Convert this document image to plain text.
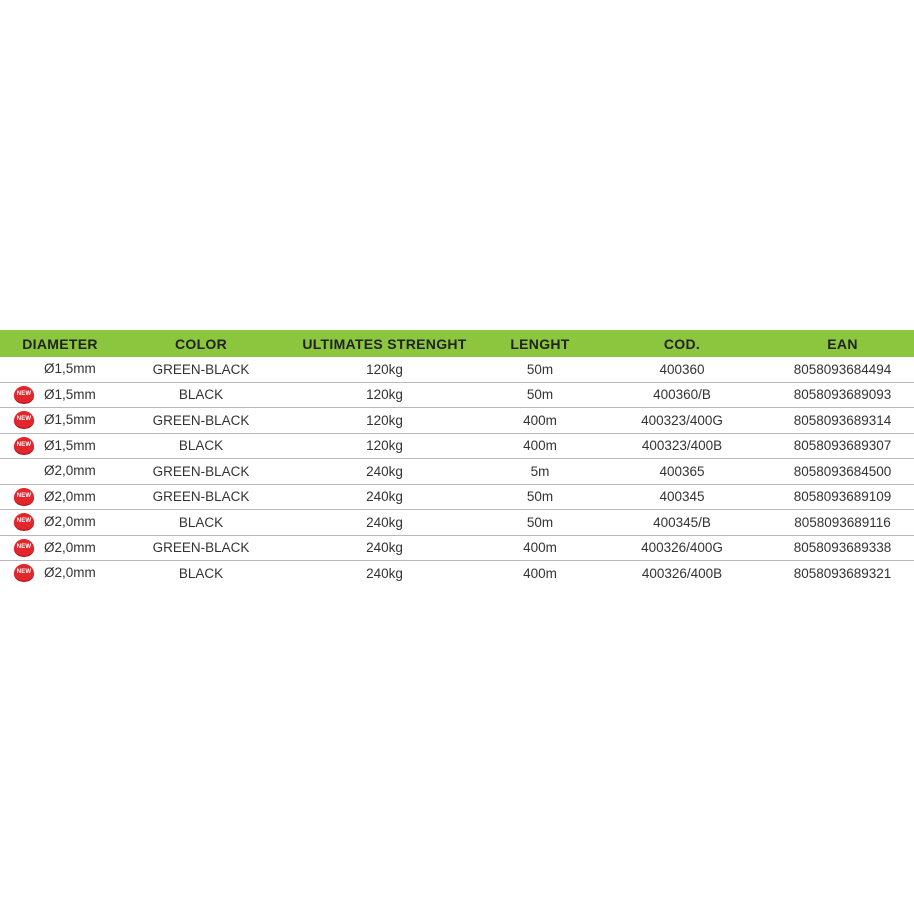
DIAMETER	COLOR	ULTIMATES STRENGHT	LENGHT	COD.	EAN
Ø1,5mm	GREEN-BLACK	120kg	50m	400360	8058093684494
NEW Ø1,5mm	BLACK	120kg	50m	400360/B	8058093689093
NEW Ø1,5mm	GREEN-BLACK	120kg	400m	400323/400G	8058093689314
NEW Ø1,5mm	BLACK	120kg	400m	400323/400B	8058093689307
Ø2,0mm	GREEN-BLACK	240kg	5m	400365	8058093684500
NEW Ø2,0mm	GREEN-BLACK	240kg	50m	400345	8058093689109
NEW Ø2,0mm	BLACK	240kg	50m	400345/B	8058093689116
NEW Ø2,0mm	GREEN-BLACK	240kg	400m	400326/400G	8058093689338
NEW Ø2,0mm	BLACK	240kg	400m	400326/400B	8058093689321
